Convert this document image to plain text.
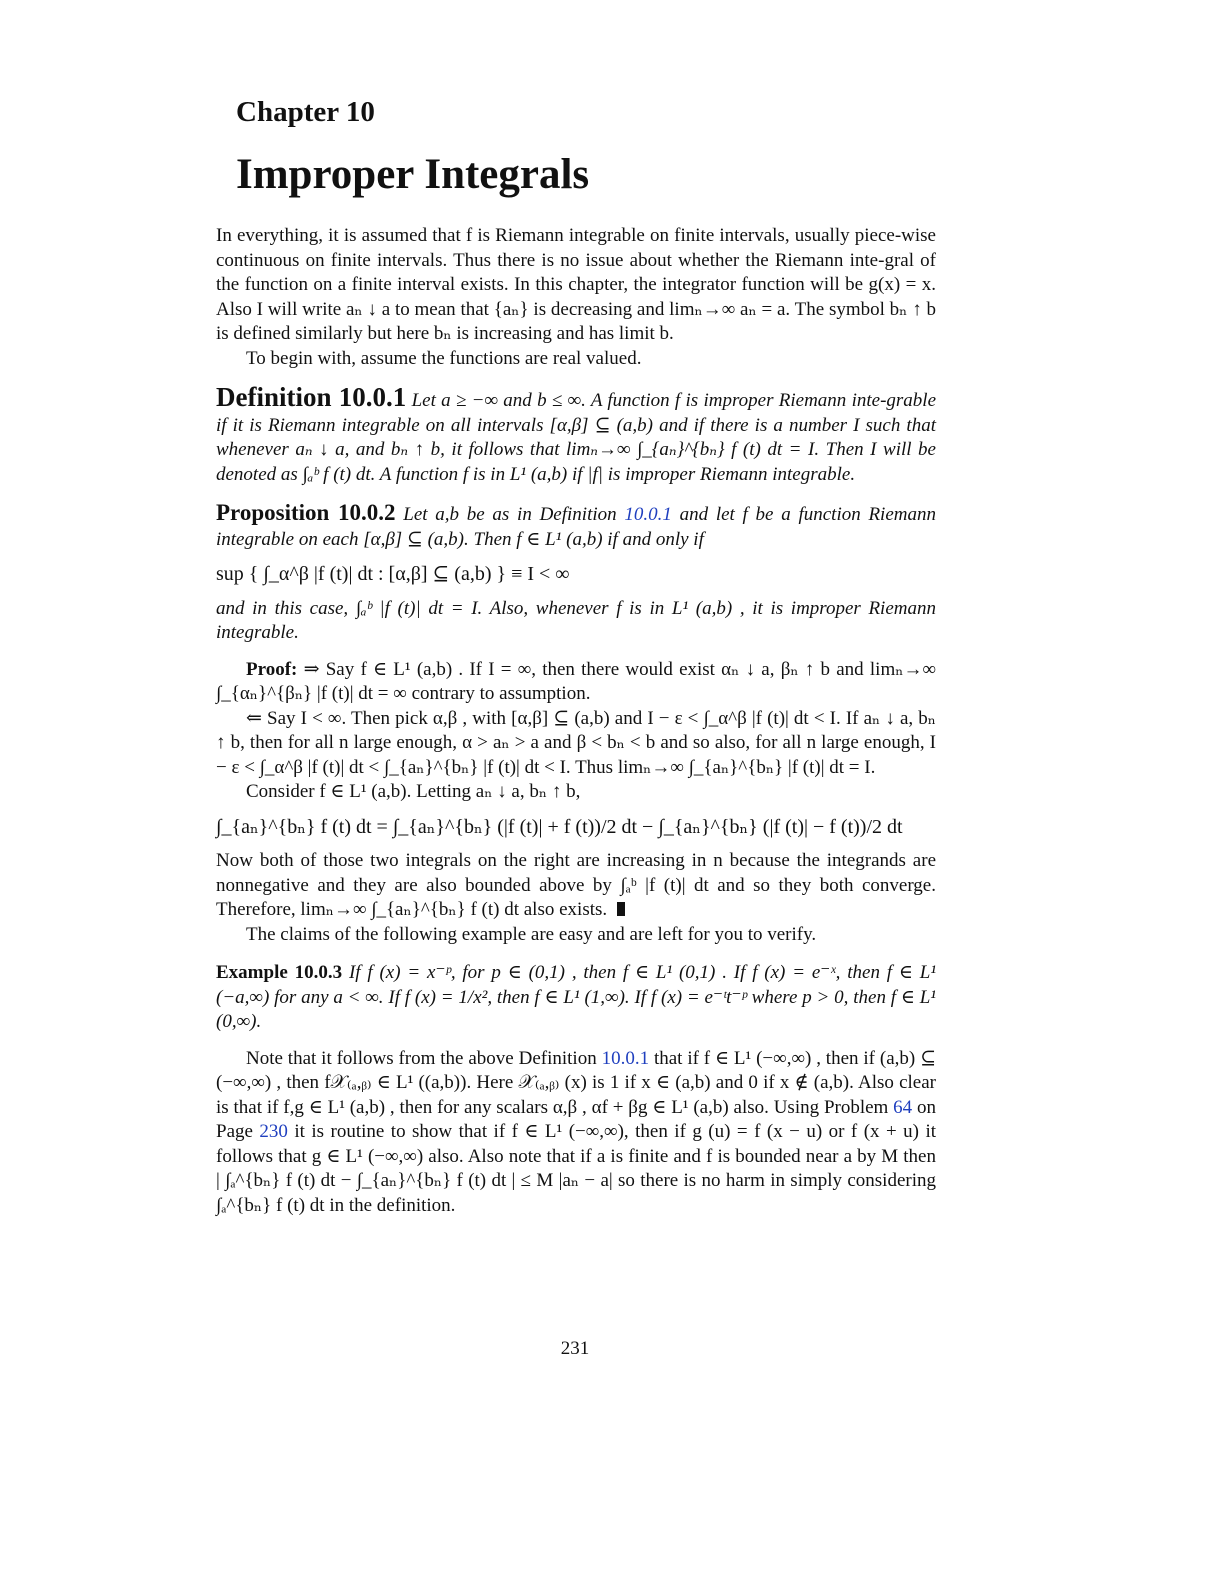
Chapter 10
Improper Integrals

In everything, it is assumed that f is Riemann integrable on finite intervals, usually piece-wise continuous on finite intervals. Thus there is no issue about whether the Riemann inte-gral of the function on a finite interval exists. In this chapter, the integrator function will be g(x) = x. Also I will write aₙ ↓ a to mean that {aₙ} is decreasing and limₙ→∞ aₙ = a. The symbol bₙ ↑ b is defined similarly but here bₙ is increasing and has limit b.

To begin with, assume the functions are real valued.

Definition 10.0.1 Let a ≥ −∞ and b ≤ ∞. A function f is improper Riemann inte-grable if it is Riemann integrable on all intervals [α,β] ⊆ (a,b) and if there is a number I such that whenever aₙ ↓ a, and bₙ ↑ b, it follows that limₙ→∞ ∫_{aₙ}^{bₙ} f (t) dt = I. Then I will be denoted as ∫ₐᵇ f (t) dt. A function f is in L¹ (a,b) if |f| is improper Riemann integrable.
Proposition 10.0.2 Let a,b be as in Definition 10.0.1 and let f be a function Riemann integrable on each [α,β] ⊆ (a,b). Then f ∈ L¹ (a,b) if and only if

sup { ∫_α^β |f (t)| dt : [α,β] ⊆ (a,b) } ≡ I < ∞

and in this case, ∫ₐᵇ |f (t)| dt = I. Also, whenever f is in L¹ (a,b) , it is improper Riemann integrable.

Proof: ⇒ Say f ∈ L¹ (a,b) . If I = ∞, then there would exist αₙ ↓ a, βₙ ↑ b and limₙ→∞ ∫_{αₙ}^{βₙ} |f (t)| dt = ∞ contrary to assumption.

⇐ Say I < ∞. Then pick α,β , with [α,β] ⊆ (a,b) and I − ε < ∫_α^β |f (t)| dt < I. If aₙ ↓ a, bₙ ↑ b, then for all n large enough, α > aₙ > a and β < bₙ < b and so also, for all n large enough, I − ε < ∫_α^β |f (t)| dt < ∫_{aₙ}^{bₙ} |f (t)| dt < I. Thus limₙ→∞ ∫_{aₙ}^{bₙ} |f (t)| dt = I.

Consider f ∈ L¹ (a,b). Letting aₙ ↓ a, bₙ ↑ b,

∫_{aₙ}^{bₙ} f (t) dt = ∫_{aₙ}^{bₙ} (|f (t)| + f (t))/2 dt − ∫_{aₙ}^{bₙ} (|f (t)| − f (t))/2 dt

Now both of those two integrals on the right are increasing in n because the integrands are nonnegative and they are also bounded above by ∫ₐᵇ |f (t)| dt and so they both converge. Therefore, limₙ→∞ ∫_{aₙ}^{bₙ} f (t) dt also exists.

The claims of the following example are easy and are left for you to verify.

Example 10.0.3 If f (x) = x⁻ᵖ, for p ∈ (0,1) , then f ∈ L¹ (0,1) . If f (x) = e⁻ˣ, then f ∈ L¹ (−a,∞) for any a < ∞. If f (x) = 1/x², then f ∈ L¹ (1,∞). If f (x) = e⁻ᵗt⁻ᵖ where p > 0, then f ∈ L¹ (0,∞).

Note that it follows from the above Definition 10.0.1 that if f ∈ L¹ (−∞,∞) , then if (a,b) ⊆ (−∞,∞) , then f𝒳₍ₐ,ᵦ₎ ∈ L¹ ((a,b)). Here 𝒳₍ₐ,ᵦ₎ (x) is 1 if x ∈ (a,b) and 0 if x ∉ (a,b). Also clear is that if f,g ∈ L¹ (a,b) , then for any scalars α,β , αf + βg ∈ L¹ (a,b) also. Using Problem 64 on Page 230 it is routine to show that if f ∈ L¹ (−∞,∞), then if g (u) = f (x − u) or f (x + u) it follows that g ∈ L¹ (−∞,∞) also. Also note that if a is finite and f is bounded near a by M then | ∫ₐ^{bₙ} f (t) dt − ∫_{aₙ}^{bₙ} f (t) dt | ≤ M |aₙ − a| so there is no harm in simply considering ∫ₐ^{bₙ} f (t) dt in the definition.

231
